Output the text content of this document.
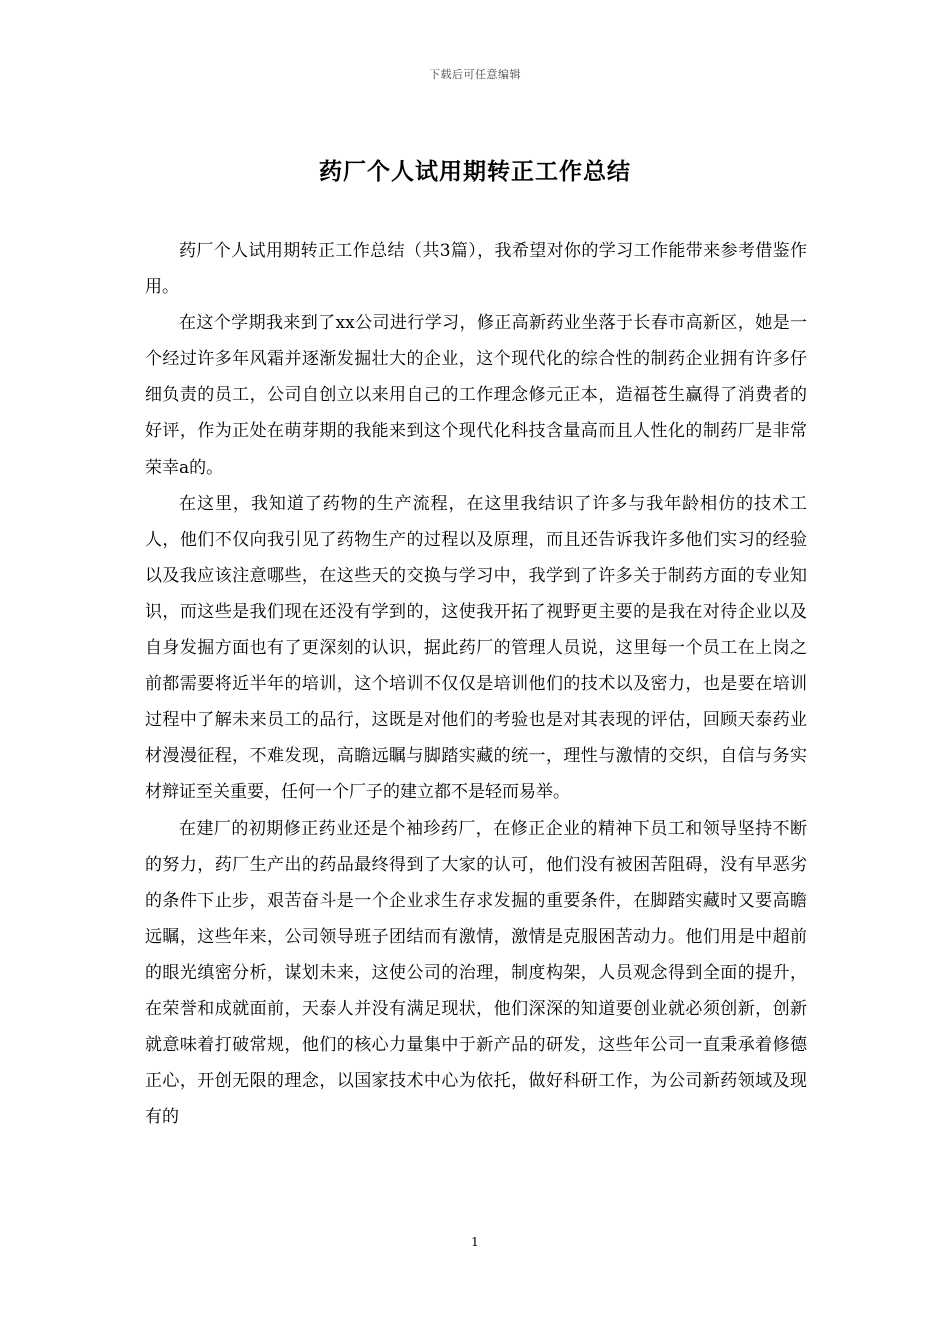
下载后可任意编辑
药厂个人试用期转正工作总结

药厂个人试用期转正工作总结（共3篇），我希望对你的学习工作能带来参考借鉴作用。

在这个学期我来到了xx公司进行学习，修正高新药业坐落于长春市高新区，她是一个经过许多年风霜并逐渐发掘壮大的企业，这个现代化的综合性的制药企业拥有许多仔细负责的员工，公司自创立以来用自己的工作理念修元正本，造福苍生赢得了消费者的好评，作为正处在萌芽期的我能来到这个现代化科技含量高而且人性化的制药厂是非常荣幸a的。

在这里，我知道了药物的生产流程，在这里我结识了许多与我年龄相仿的技术工人，他们不仅向我引见了药物生产的过程以及原理，而且还告诉我许多他们实习的经验以及我应该注意哪些，在这些天的交换与学习中，我学到了许多关于制药方面的专业知识，而这些是我们现在还没有学到的，这使我开拓了视野更主要的是我在对待企业以及自身发掘方面也有了更深刻的认识，据此药厂的管理人员说，这里每一个员工在上岗之前都需要将近半年的培训，这个培训不仅仅是培训他们的技术以及密力，也是要在培训过程中了解未来员工的品行，这既是对他们的考验也是对其表现的评估，回顾天泰药业材漫漫征程，不难发现，高瞻远瞩与脚踏实藏的统一，理性与激情的交织，自信与务实材辩证至关重要，任何一个厂子的建立都不是轻而易举。

在建厂的初期修正药业还是个袖珍药厂，在修正企业的精神下员工和领导坚持不断的努力，药厂生产出的药品最终得到了大家的认可，他们没有被困苦阻碍，没有早恶劣的条件下止步，艰苦奋斗是一个企业求生存求发掘的重要条件，在脚踏实藏时又要高瞻远瞩，这些年来，公司领导班子团结而有激情，激情是克服困苦动力。他们用是中超前的眼光缜密分析，谋划未来，这使公司的治理，制度构架，人员观念得到全面的提升，在荣誉和成就面前，天泰人并没有满足现状，他们深深的知道要创业就必须创新，创新就意味着打破常规，他们的核心力量集中于新产品的研发，这些年公司一直秉承着修德正心，开创无限的理念，以国家技术中心为依托，做好科研工作，为公司新药领域及现有的

1
